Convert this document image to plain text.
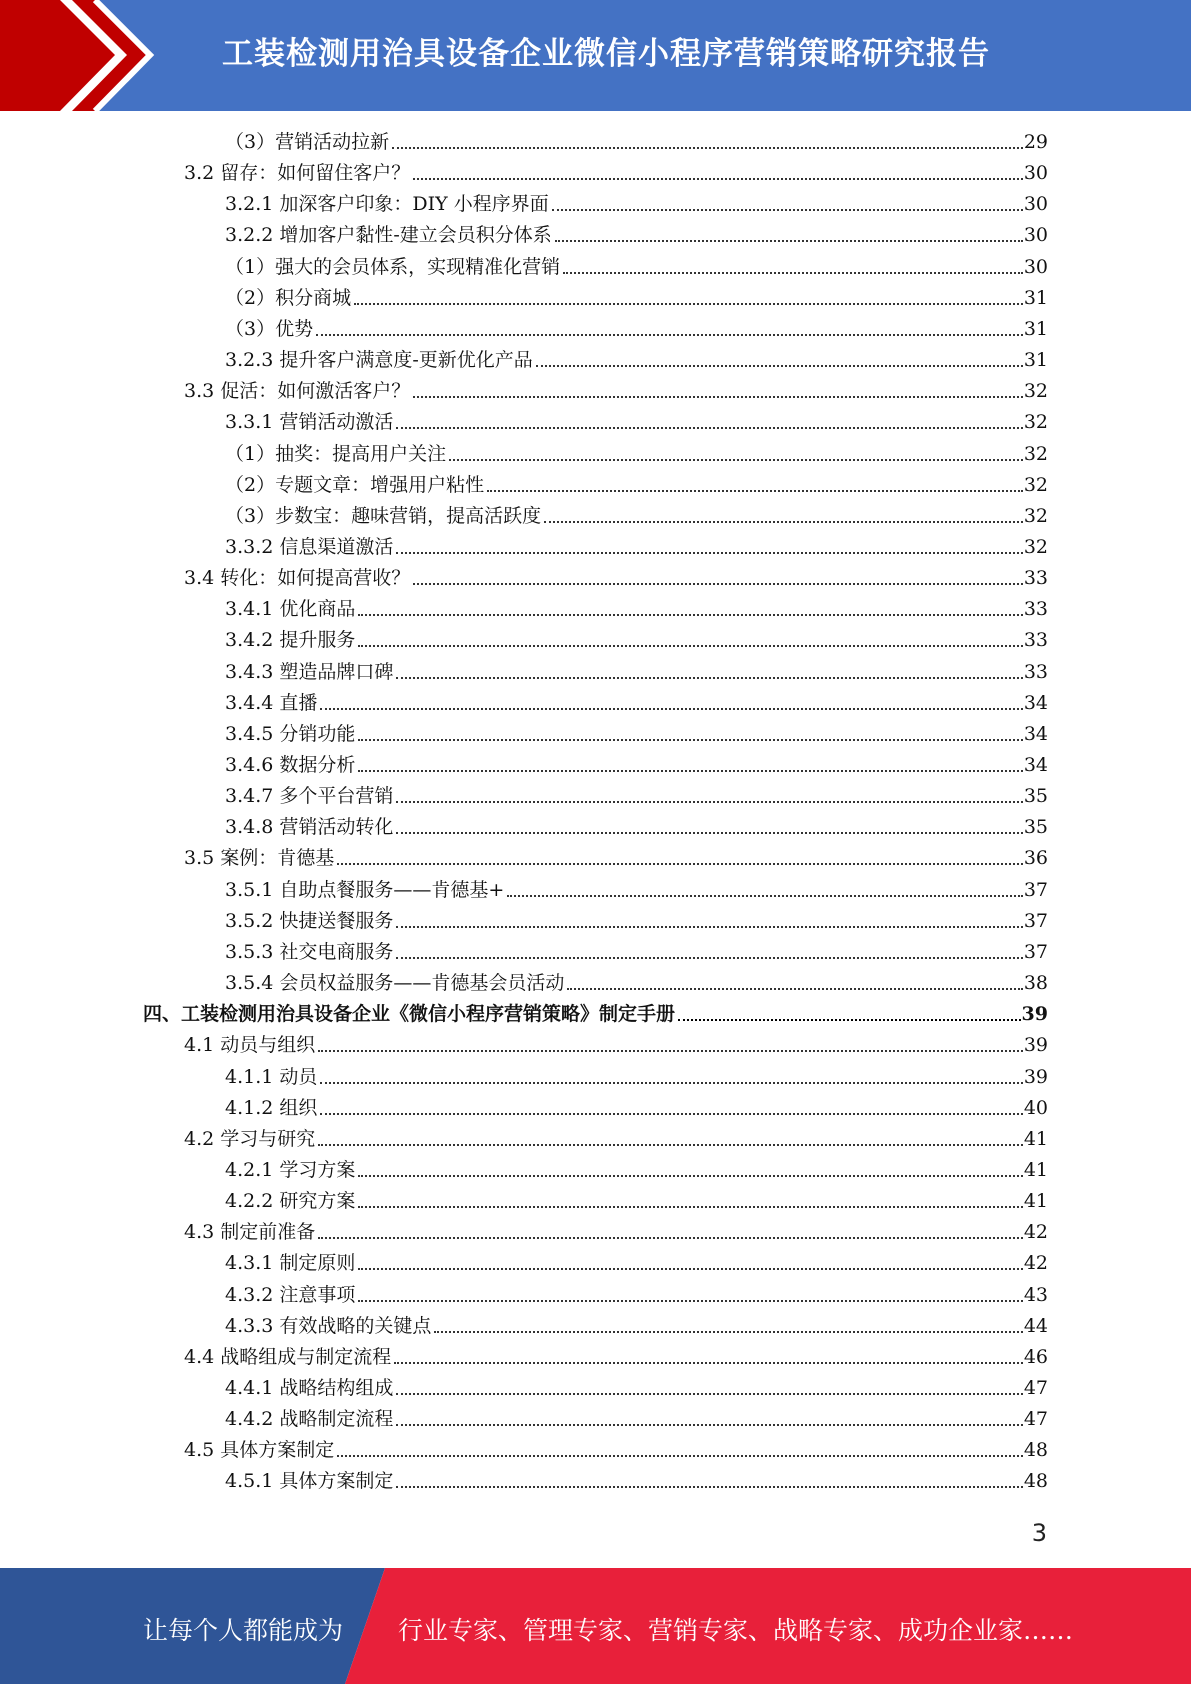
工装检测用治具设备企业微信小程序营销策略研究报告
（3）营销活动拉新	29
3.2 留存：如何留住客户？	30
3.2.1 加深客户印象：DIY 小程序界面	30
3.2.2 增加客户黏性-建立会员积分体系	30
（1）强大的会员体系，实现精准化营销	30
（2）积分商城	31
（3）优势	31
3.2.3 提升客户满意度-更新优化产品	31
3.3 促活：如何激活客户？	32
3.3.1 营销活动激活	32
（1）抽奖：提高用户关注	32
（2）专题文章：增强用户粘性	32
（3）步数宝：趣味营销，提高活跃度	32
3.3.2 信息渠道激活	32
3.4 转化：如何提高营收？	33
3.4.1 优化商品	33
3.4.2 提升服务	33
3.4.3 塑造品牌口碑	33
3.4.4 直播	34
3.4.5 分销功能	34
3.4.6 数据分析	34
3.4.7 多个平台营销	35
3.4.8 营销活动转化	35
3.5 案例：肯德基	36
3.5.1 自助点餐服务——肯德基+	37
3.5.2 快捷送餐服务	37
3.5.3 社交电商服务	37
3.5.4 会员权益服务——肯德基会员活动	38
四、工装检测用治具设备企业《微信小程序营销策略》制定手册	39
4.1 动员与组织	39
4.1.1 动员	39
4.1.2 组织	40
4.2 学习与研究	41
4.2.1 学习方案	41
4.2.2 研究方案	41
4.3 制定前准备	42
4.3.1 制定原则	42
4.3.2 注意事项	43
4.3.3 有效战略的关键点	44
4.4 战略组成与制定流程	46
4.4.1 战略结构组成	47
4.4.2 战略制定流程	47
4.5 具体方案制定	48
4.5.1 具体方案制定	48
3
让每个人都能成为 行业专家、管理专家、营销专家、战略专家、成功企业家……
